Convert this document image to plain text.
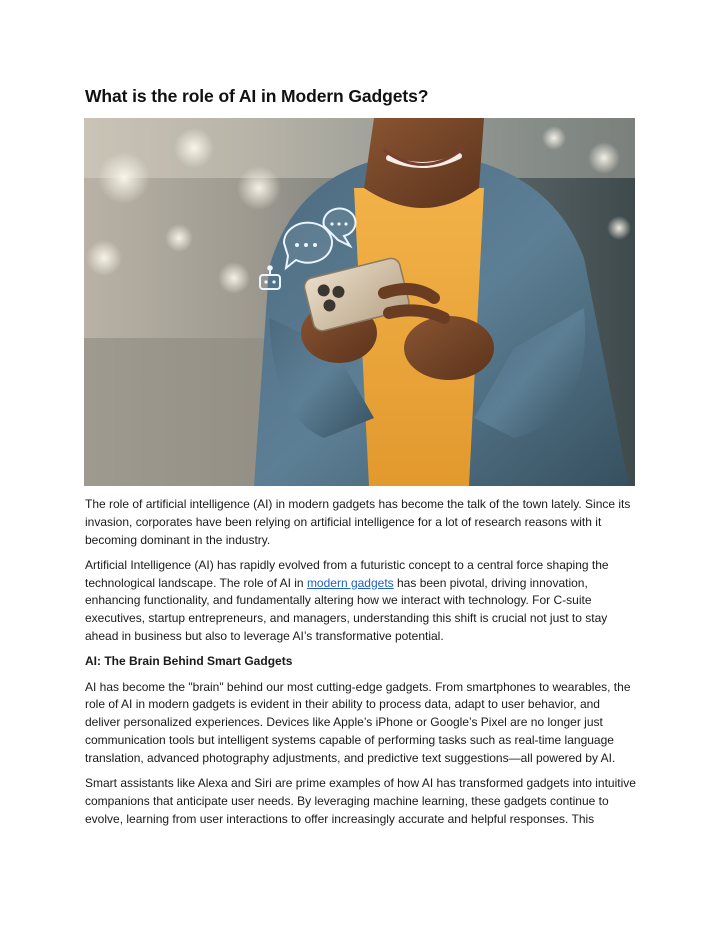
What is the role of AI in Modern Gadgets?

The role of artificial intelligence (AI) in modern gadgets has become the talk of the town lately. Since its invasion, corporates have been relying on artificial intelligence for a lot of research reasons with it becoming dominant in the industry.

Artificial Intelligence (AI) has rapidly evolved from a futuristic concept to a central force shaping the technological landscape. The role of AI in modern gadgets has been pivotal, driving innovation, enhancing functionality, and fundamentally altering how we interact with technology. For C-suite executives, startup entrepreneurs, and managers, understanding this shift is crucial not just to stay ahead in business but also to leverage AI’s transformative potential.

AI: The Brain Behind Smart Gadgets

AI has become the "brain" behind our most cutting-edge gadgets. From smartphones to wearables, the role of AI in modern gadgets is evident in their ability to process data, adapt to user behavior, and deliver personalized experiences. Devices like Apple’s iPhone or Google’s Pixel are no longer just communication tools but intelligent systems capable of performing tasks such as real-time language translation, advanced photography adjustments, and predictive text suggestions—all powered by AI.

Smart assistants like Alexa and Siri are prime examples of how AI has transformed gadgets into intuitive companions that anticipate user needs. By leveraging machine learning, these gadgets continue to evolve, learning from user interactions to offer increasingly accurate and helpful responses. This
